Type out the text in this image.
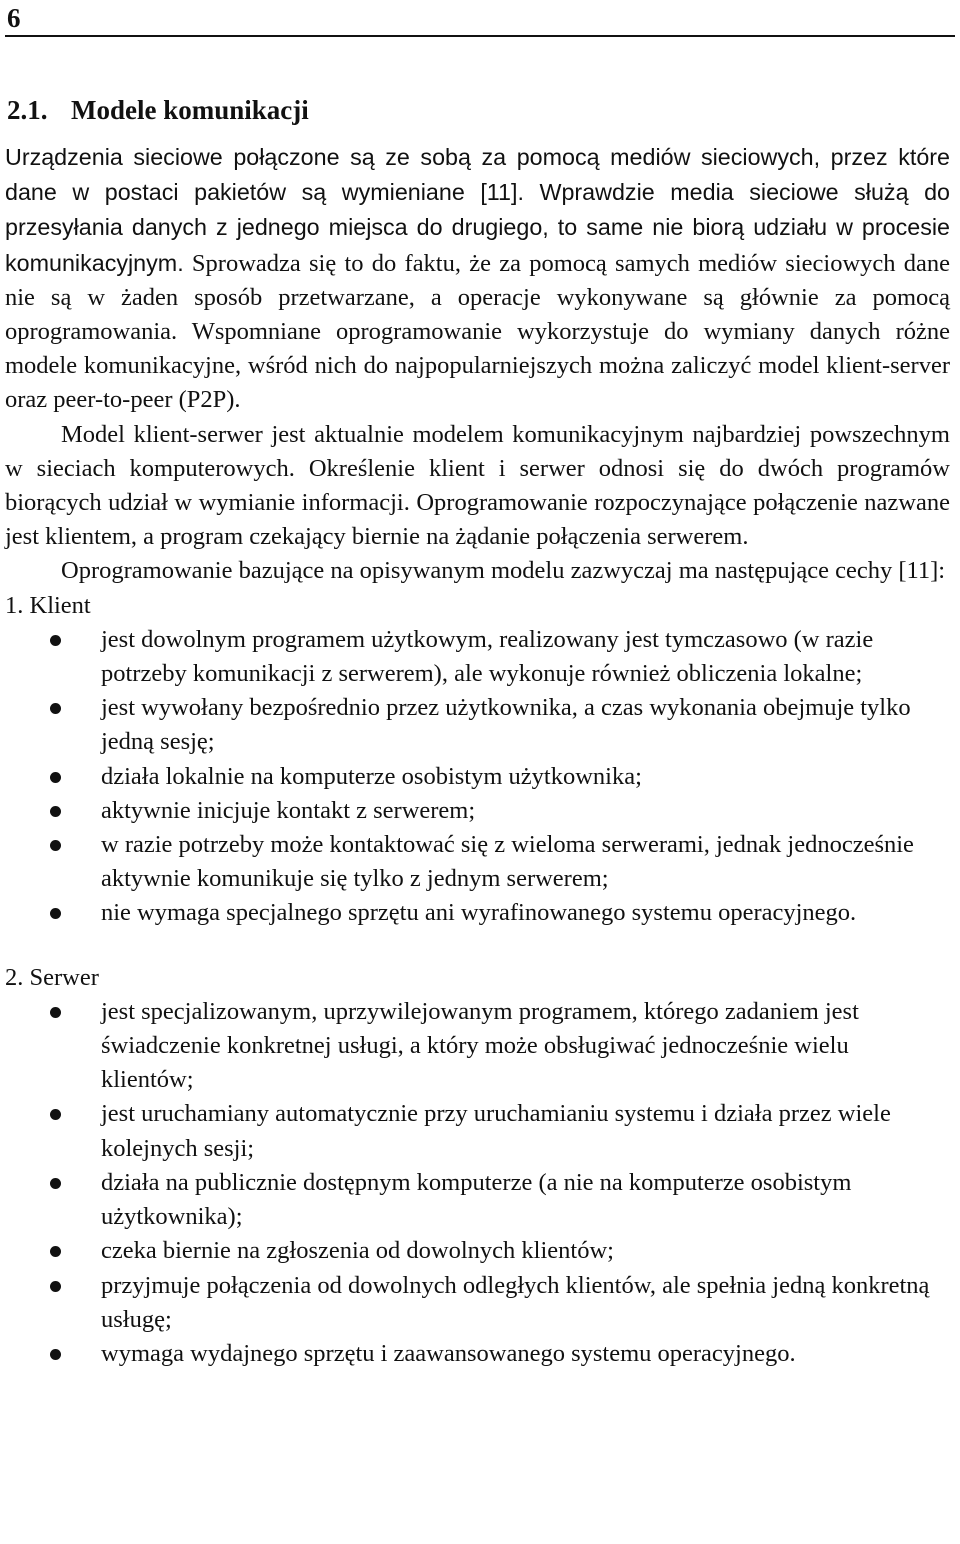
6
2.1. Modele komunikacji

Urządzenia sieciowe połączone są ze sobą za pomocą mediów sieciowych, przez które dane w postaci pakietów są wymieniane [11]. Wprawdzie media sieciowe służą do przesyłania danych z jednego miejsca do drugiego, to same nie biorą udziału w procesie komunikacyjnym. Sprowadza się to do faktu, że za pomocą samych mediów sieciowych dane nie są w żaden sposób przetwarzane, a operacje wykonywane są głównie za pomocą oprogramowania. Wspomniane oprogramowanie wykorzystuje do wymiany danych różne modele komunikacyjne, wśród nich do najpopularniejszych można zaliczyć model klient-server oraz peer-to-peer (P2P).

Model klient-serwer jest aktualnie modelem komunikacyjnym najbardziej powszechnym w sieciach komputerowych. Określenie klient i serwer odnosi się do dwóch programów biorących udział w wymianie informacji. Oprogramowanie rozpoczynające połączenie nazwane jest klientem, a program czekający biernie na żądanie połączenia serwerem.

Oprogramowanie bazujące na opisywanym modelu zazwyczaj ma następujące cechy [11]:

1. Klient

jest dowolnym programem użytkowym, realizowany jest tymczasowo (w razie potrzeby komunikacji z serwerem), ale wykonuje również obliczenia lokalne;
jest wywołany bezpośrednio przez użytkownika, a czas wykonania obejmuje tylko jedną sesję;
działa lokalnie na komputerze osobistym użytkownika;
aktywnie inicjuje kontakt z serwerem;
w razie potrzeby może kontaktować się z wieloma serwerami, jednak jednocześnie aktywnie komunikuje się tylko z jednym serwerem;
nie wymaga specjalnego sprzętu ani wyrafinowanego systemu operacyjnego.

2. Serwer

jest specjalizowanym, uprzywilejowanym programem, którego zadaniem jest świadczenie konkretnej usługi, a który może obsługiwać jednocześnie wielu klientów;
jest uruchamiany automatycznie przy uruchamianiu systemu i działa przez wiele kolejnych sesji;
działa na publicznie dostępnym komputerze (a nie na komputerze osobistym użytkownika);
czeka biernie na zgłoszenia od dowolnych klientów;
przyjmuje połączenia od dowolnych odległych klientów, ale spełnia jedną konkretną usługę;
wymaga wydajnego sprzętu i zaawansowanego systemu operacyjnego.
